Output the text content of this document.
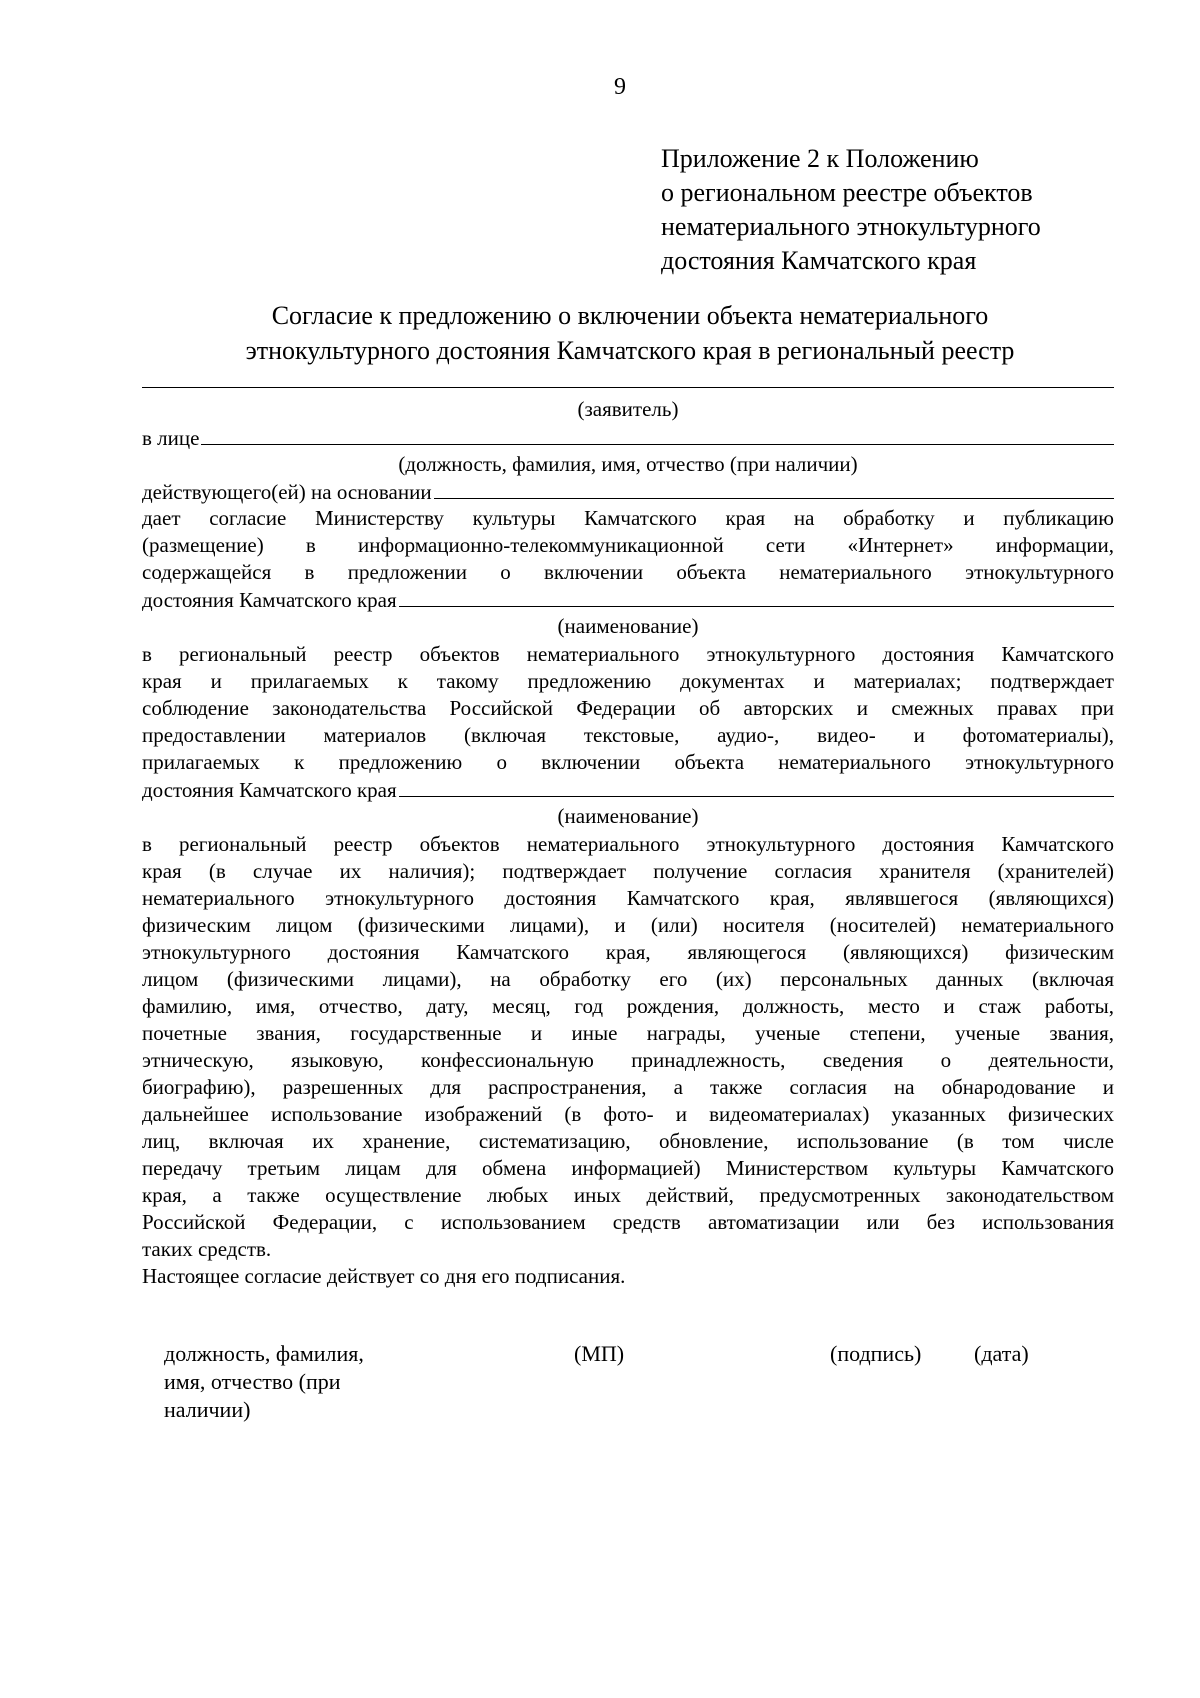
9
Приложение 2 к Положению
о региональном реестре объектов
нематериального этнокультурного
достояния Камчатского края
Согласие к предложению о включении объекта нематериального
этнокультурного достояния Камчатского края в региональный реестр
(заявитель)
в лице
(должность, фамилия, имя, отчество (при наличии)
действующего(ей) на основании
дает согласие Министерству культуры Камчатского края на обработку и публикацию
(размещение) в информационно-телекоммуникационной сети «Интернет» информации,
содержащейся в предложении о включении объекта нематериального этнокультурного
достояния Камчатского края
(наименование)
в региональный реестр объектов нематериального этнокультурного достояния Камчатского
края и прилагаемых к такому предложению документах и материалах; подтверждает
соблюдение законодательства Российской Федерации об авторских и смежных правах при
предоставлении материалов (включая текстовые, аудио-, видео- и фотоматериалы),
прилагаемых к предложению о включении объекта нематериального этнокультурного
достояния Камчатского края
(наименование)
в региональный реестр объектов нематериального этнокультурного достояния Камчатского
края (в случае их наличия); подтверждает получение согласия хранителя (хранителей)
нематериального этнокультурного достояния Камчатского края, являвшегося (являющихся)
физическим лицом (физическими лицами), и (или) носителя (носителей) нематериального
этнокультурного достояния Камчатского края, являющегося (являющихся) физическим
лицом (физическими лицами), на обработку его (их) персональных данных (включая
фамилию, имя, отчество, дату, месяц, год рождения, должность, место и стаж работы,
почетные звания, государственные и иные награды, ученые степени, ученые звания,
этническую, языковую, конфессиональную принадлежность, сведения о деятельности,
биографию), разрешенных для распространения, а также согласия на обнародование и
дальнейшее использование изображений (в фото- и видеоматериалах) указанных физических
лиц, включая их хранение, систематизацию, обновление, использование (в том числе
передачу третьим лицам для обмена информацией) Министерством культуры Камчатского
края, а также осуществление любых иных действий, предусмотренных законодательством
Российской Федерации, с использованием средств автоматизации или без использования
таких средств.
Настоящее согласие действует со дня его подписания.
должность, фамилия,
имя, отчество (при
наличии)
(МП)	(подпись) (дата)
